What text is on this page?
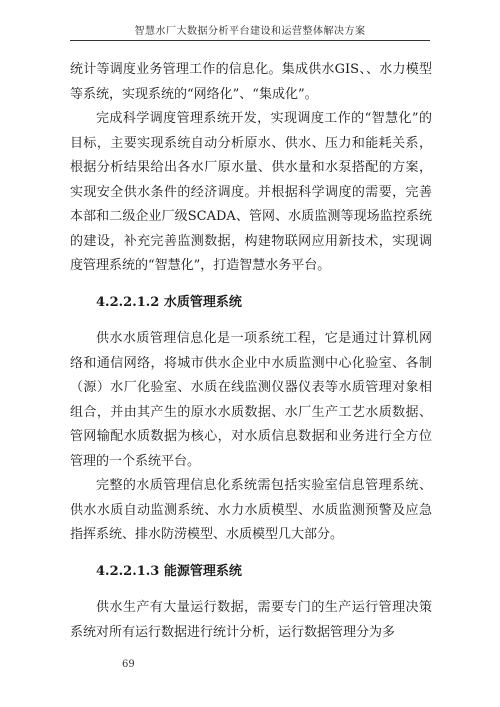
智慧水厂大数据分析平台建设和运营整体解决方案

统计等调度业务管理工作的信息化。集成供水GIS、、水力模型等系统，实现系统的“网络化”、“集成化”。

完成科学调度管理系统开发，实现调度工作的“智慧化”的目标，主要实现系统自动分析原水、供水、压力和能耗关系，根据分析结果给出各水厂原水量、供水量和水泵搭配的方案，实现安全供水条件的经济调度。并根据科学调度的需要，完善本部和二级企业厂级SCADA、管网、水质监测等现场监控系统的建设，补充完善监测数据，构建物联网应用新技术，实现调度管理系统的“智慧化”，打造智慧水务平台。

4.2.2.1.2 水质管理系统

供水水质管理信息化是一项系统工程，它是通过计算机网络和通信网络，将城市供水企业中水质监测中心化验室、各制（源）水厂化验室、水质在线监测仪器仪表等水质管理对象相组合，并由其产生的原水水质数据、水厂生产工艺水质数据、管网输配水质数据为核心，对水质信息数据和业务进行全方位管理的一个系统平台。

完整的水质管理信息化系统需包括实验室信息管理系统、供水水质自动监测系统、水力水质模型、水质监测预警及应急指挥系统、排水防涝模型、水质模型几大部分。

4.2.2.1.3 能源管理系统

供水生产有大量运行数据，需要专门的生产运行管理决策系统对所有运行数据进行统计分析，运行数据管理分为多

69
